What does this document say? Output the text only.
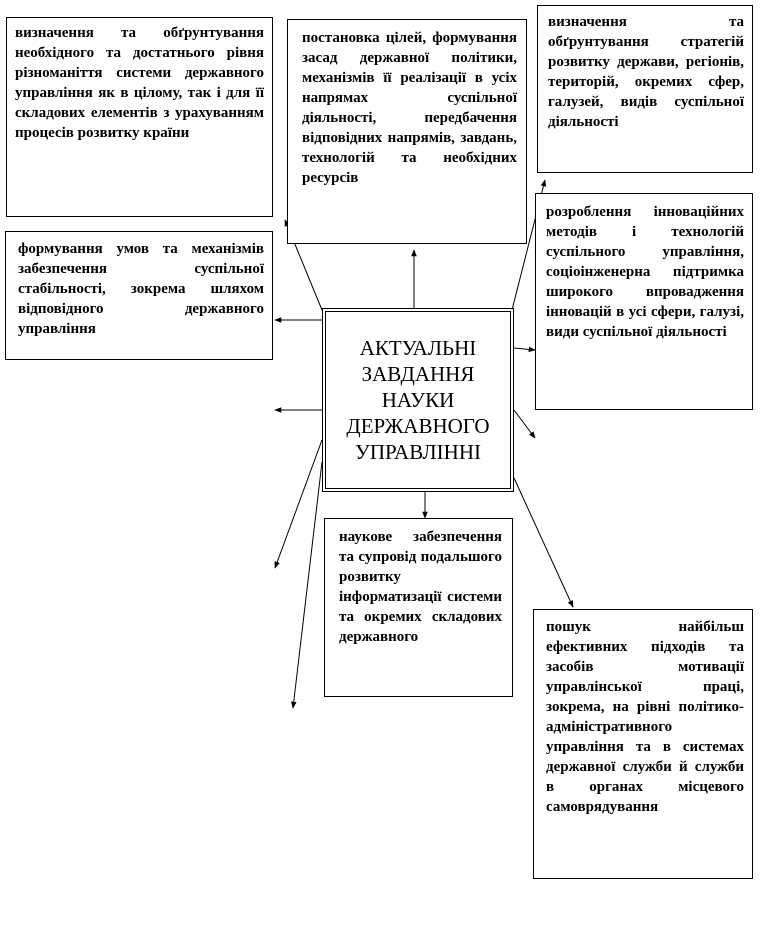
визначення та обґрунтування необхідного та достатнього рівня різноманіття системи державного управління як в цілому, так і для її складових елементів з урахуванням процесів розвитку країни
постановка цілей, формування засад державної політики, механізмів її реалізації в усіх напрямах суспільної діяльності, передбачення відповідних напрямів, завдань, технологій та необхідних ресурсів
визначення та обґрунтування стратегій розвитку держави, регіонів, територій, окремих сфер, галузей, видів суспільної діяльності
формування умов та механізмів забезпечення суспільної стабільності, зокрема шляхом відповідного державного управління
розроблення інноваційних методів і технологій суспільного управління, соціоінженерна підтримка широкого впровадження інновацій в усі сфери, галузі, види суспільної діяльності
АКТУАЛЬНІ ЗАВДАННЯ НАУКИ ДЕРЖАВНОГО УПРАВЛІННІ
наукове забезпечення та супровід подальшого розвитку інформатизації системи та окремих складових державного
пошук найбільш ефективних підходів та засобів мотивації управлінської праці, зокрема, на рівні політико-адміністративного управління та в системах державної служби й служби в органах місцевого самоврядування
